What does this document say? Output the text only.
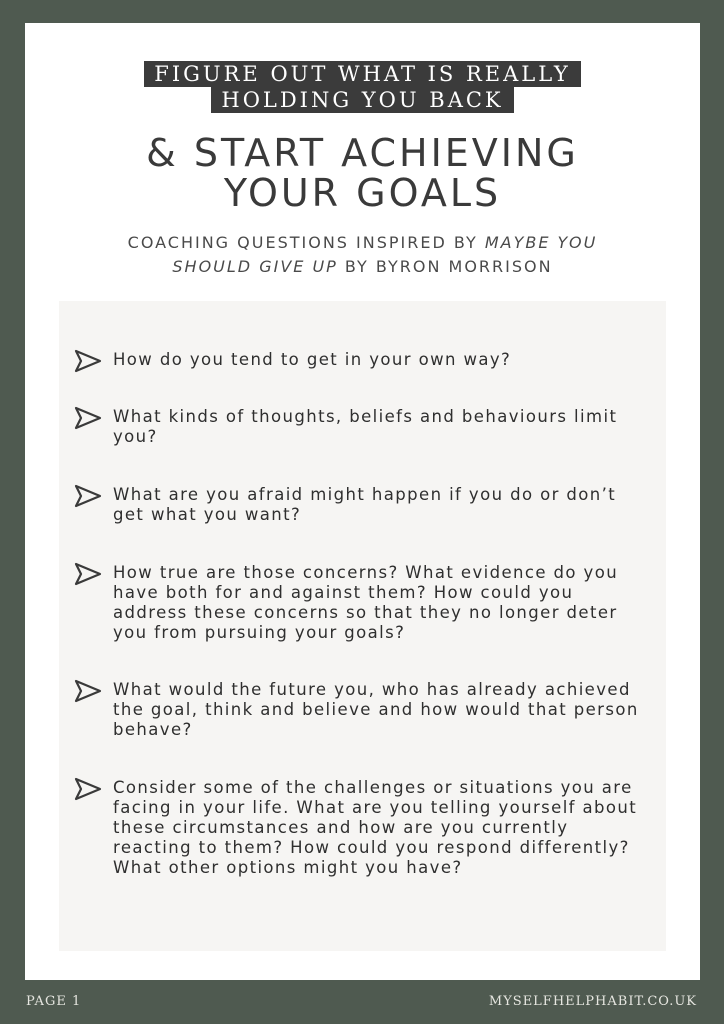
FIGURE OUT WHAT IS REALLY
HOLDING YOU BACK
& START ACHIEVING
YOUR GOALS
COACHING QUESTIONS INSPIRED BY MAYBE YOU
SHOULD GIVE UP BY BYRON MORRISON
How do you tend to get in your own way?
What kinds of thoughts, beliefs and behaviours limit you?
What are you afraid might happen if you do or don’t get what you want?
How true are those concerns? What evidence do you have both for and against them? How could you address these concerns so that they no longer deter you from pursuing your goals?
What would the future you, who has already achieved the goal, think and believe and how would that person behave?
Consider some of the challenges or situations you are facing in your life. What are you telling yourself about these circumstances and how are you currently reacting to them? How could you respond differently? What other options might you have?
PAGE 1	MYSELFHELPHABIT.CO.UK
